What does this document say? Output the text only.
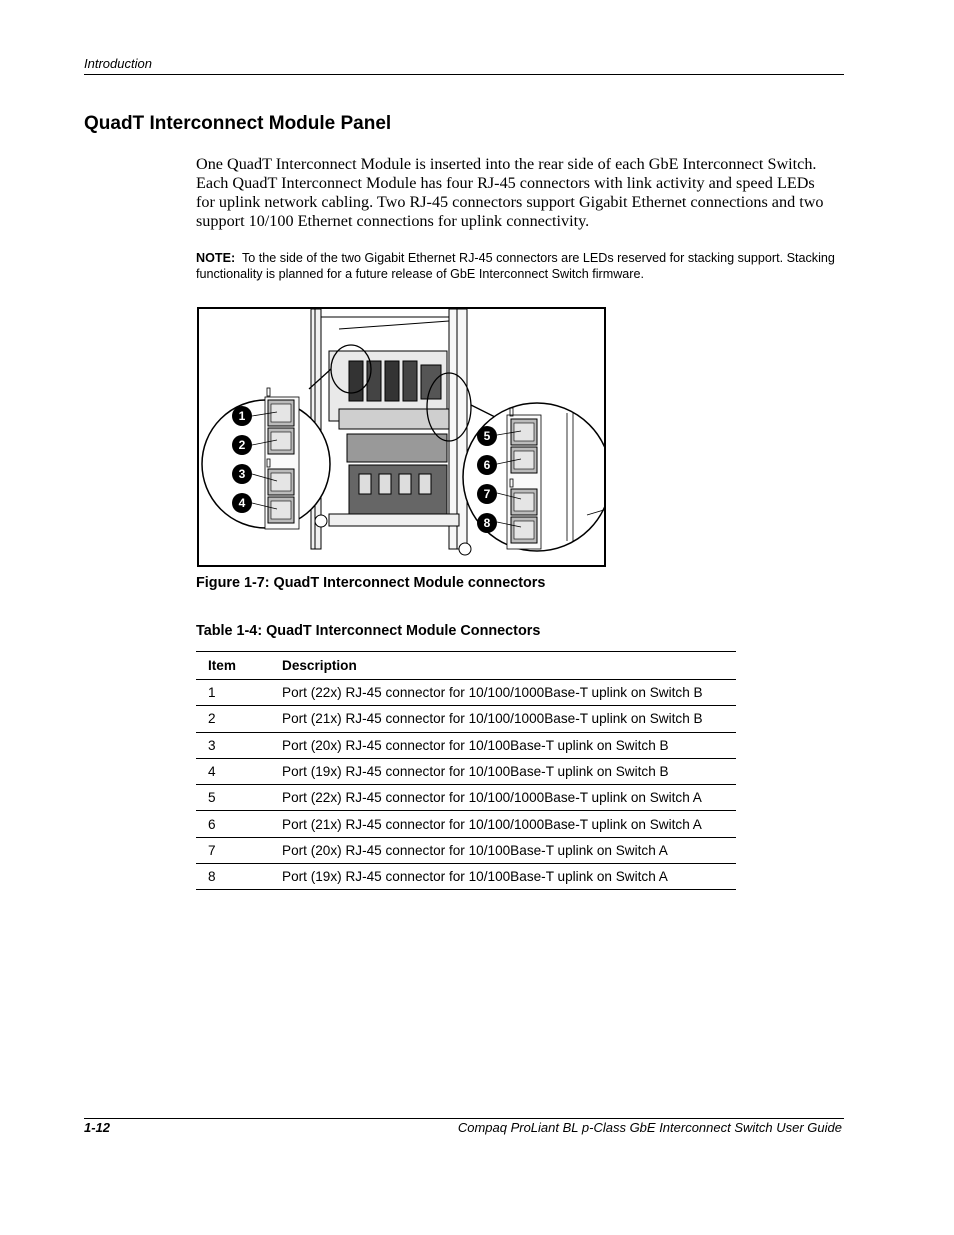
Introduction
QuadT Interconnect Module Panel

One QuadT Interconnect Module is inserted into the rear side of each GbE Interconnect Switch. Each QuadT Interconnect Module has four RJ-45 connectors with link activity and speed LEDs for uplink network cabling. Two RJ-45 connectors support Gigabit Ethernet connections and two support 10/100 Ethernet connections for uplink connectivity.

NOTE: To the side of the two Gigabit Ethernet RJ-45 connectors are LEDs reserved for stacking support. Stacking functionality is planned for a future release of GbE Interconnect Switch firmware.

1
2
3
4
5
6
7
8
Figure 1-7: QuadT Interconnect Module connectors
Table 1-4: QuadT Interconnect Module Connectors
Item	Description
1	Port (22x) RJ-45 connector for 10/100/1000Base-T uplink on Switch B
2	Port (21x) RJ-45 connector for 10/100/1000Base-T uplink on Switch B
3	Port (20x) RJ-45 connector for 10/100Base-T uplink on Switch B
4	Port (19x) RJ-45 connector for 10/100Base-T uplink on Switch B
5	Port (22x) RJ-45 connector for 10/100/1000Base-T uplink on Switch A
6	Port (21x) RJ-45 connector for 10/100/1000Base-T uplink on Switch A
7	Port (20x) RJ-45 connector for 10/100Base-T uplink on Switch A
8	Port (19x) RJ-45 connector for 10/100Base-T uplink on Switch A
1-12	Compaq ProLiant BL p-Class GbE Interconnect Switch User Guide
